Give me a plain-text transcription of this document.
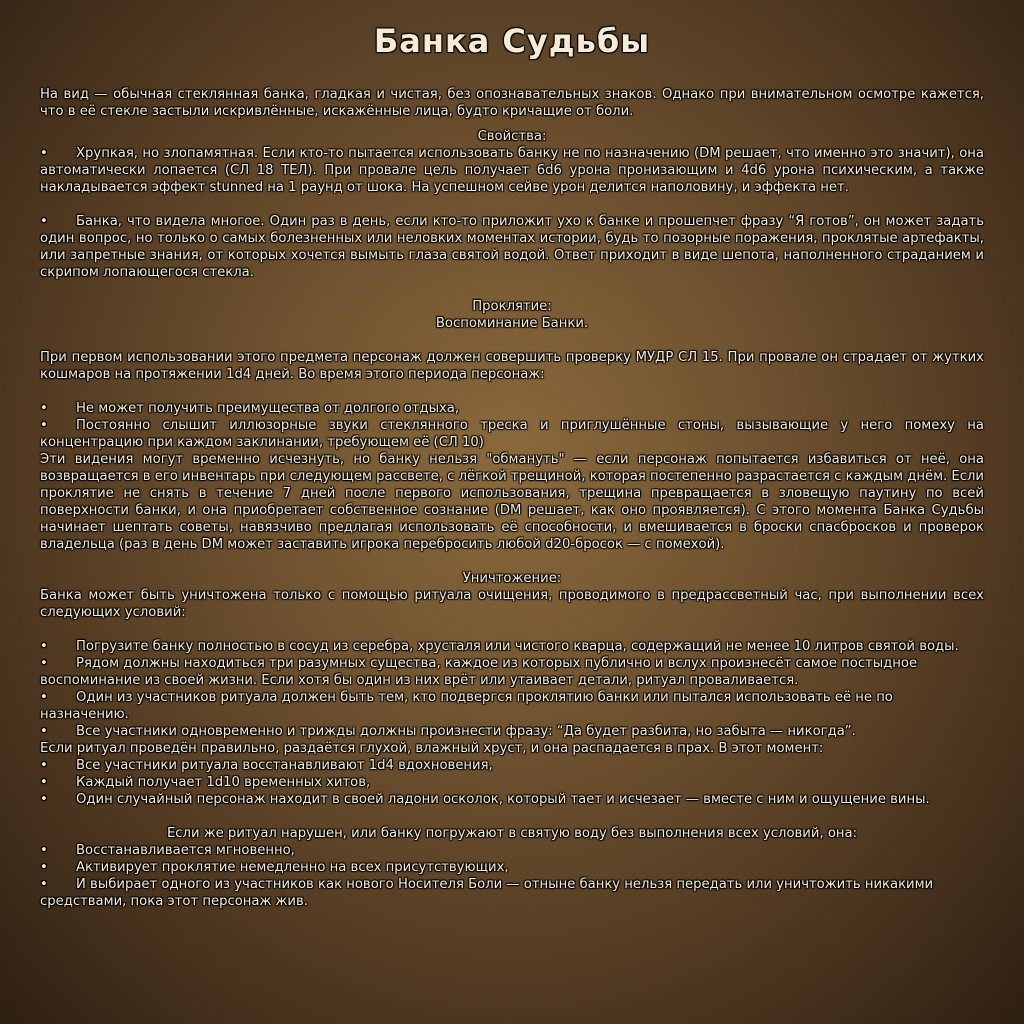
Банка Судьбы

На вид — обычная стеклянная банка, гладкая и чистая, без опознавательных знаков. Однако при внимательном осмотре кажется, что в её стекле застыли искривлённые, искажённые лица, будто кричащие от боли.

Свойства:

• Хрупкая, но злопамятная. Если кто-то пытается использовать банку не по назначению (DM решает, что именно это значит), она автоматически лопается (СЛ 18 ТЕЛ). При провале цель получает 6d6 урона пронизающим и 4d6 урона психическим, а также накладывается эффект stunned на 1 раунд от шока. На успешном сейве урон делится наполовину, и эффекта нет.

• Банка, что видела многое. Один раз в день, если кто-то приложит ухо к банке и прошепчет фразу “Я готов”, он может задать один вопрос, но только о самых болезненных или неловких моментах истории, будь то позорные поражения, проклятые артефакты, или запретные знания, от которых хочется вымыть глаза святой водой. Ответ приходит в виде шепота, наполненного страданием и скрипом лопающегося стекла.

Проклятие:

Воспоминание Банки.

При первом использовании этого предмета персонаж должен совершить проверку МУДР СЛ 15. При провале он страдает от жутких кошмаров на протяжении 1d4 дней. Во время этого периода персонаж:

• Не может получить преимущества от долгого отдыха,

• Постоянно слышит иллюзорные звуки стеклянного треска и приглушённые стоны, вызывающие у него помеху на концентрацию при каждом заклинании, требующем её (СЛ 10)

Эти видения могут временно исчезнуть, но банку нельзя "обмануть" — если персонаж попытается избавиться от неё, она возвращается в его инвентарь при следующем рассвете, с лёгкой трещиной, которая постепенно разрастается с каждым днём. Если проклятие не снять в течение 7 дней после первого использования, трещина превращается в зловещую паутину по всей поверхности банки, и она приобретает собственное сознание (DM решает, как оно проявляется). С этого момента Банка Судьбы начинает шептать советы, навязчиво предлагая использовать её способности, и вмешивается в броски спасбросков и проверок владельца (раз в день DM может заставить игрока перебросить любой d20-бросок — с помехой).

Уничтожение:

Банка может быть уничтожена только с помощью ритуала очищения, проводимого в предрассветный час, при выполнении всех следующих условий:

• Погрузите банку полностью в сосуд из серебра, хрусталя или чистого кварца, содержащий не менее 10 литров святой воды.

• Рядом должны находиться три разумных существа, каждое из которых публично и вслух произнесёт самое постыдное воспоминание из своей жизни. Если хотя бы один из них врёт или утаивает детали, ритуал проваливается.

• Один из участников ритуала должен быть тем, кто подвергся проклятию банки или пытался использовать её не по назначению.

• Все участники одновременно и трижды должны произнести фразу: “Да будет разбита, но забыта — никогда”.

Если ритуал проведён правильно, раздаётся глухой, влажный хруст, и она распадается в прах. В этот момент:

• Все участники ритуала восстанавливают 1d4 вдохновения,

• Каждый получает 1d10 временных хитов,

• Один случайный персонаж находит в своей ладони осколок, который тает и исчезает — вместе с ним и ощущение вины.

Если же ритуал нарушен, или банку погружают в святую воду без выполнения всех условий, она:

• Восстанавливается мгновенно,

• Активирует проклятие немедленно на всех присутствующих,

• И выбирает одного из участников как нового Носителя Боли — отныне банку нельзя передать или уничтожить никакими средствами, пока этот персонаж жив.
